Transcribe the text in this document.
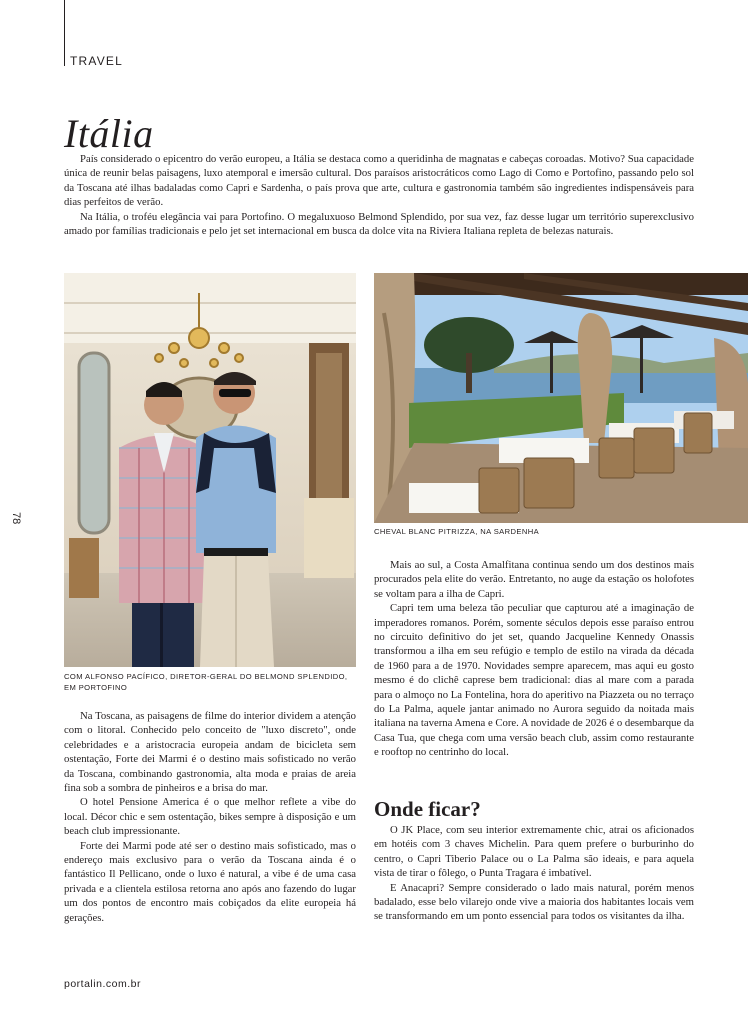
TRAVEL
Itália

País considerado o epicentro do verão europeu, a Itália se destaca como a queridinha de magnatas e cabeças coroadas. Motivo? Sua capacidade única de reunir belas paisagens, luxo atemporal e imersão cultural. Dos paraísos aristocráticos como Lago di Como e Portofino, passando pelo sol da Toscana até ilhas badaladas como Capri e Sardenha, o país prova que arte, cultura e gastronomia também são ingredientes indispensáveis para dias perfeitos de verão.

Na Itália, o troféu elegância vai para Portofino. O megaluxuoso Belmond Splendido, por sua vez, faz desse lugar um território superexclusivo amado por famílias tradicionais e pelo jet set internacional em busca da dolce vita na Riviera Italiana repleta de belezas naturais.

COM ALFONSO PACÍFICO, DIRETOR-GERAL DO BELMOND SPLENDIDO, EM PORTOFINO
CHEVAL BLANC PITRIZZA, NA SARDENHA

Na Toscana, as paisagens de filme do interior dividem a atenção com o litoral. Conhecido pelo conceito de "luxo discreto", onde celebridades e a aristocracia europeia andam de bicicleta sem ostentação, Forte dei Marmi é o destino mais sofisticado no verão da Toscana, combinando gastronomia, alta moda e praias de areia fina sob a sombra de pinheiros e a brisa do mar.

O hotel Pensione America é o que melhor reflete a vibe do local. Décor chic e sem ostentação, bikes sempre à disposição e um beach club impressionante.

Forte dei Marmi pode até ser o destino mais sofisticado, mas o endereço mais exclusivo para o verão da Toscana ainda é o fantástico Il Pellicano, onde o luxo é natural, a vibe é de uma casa privada e a clientela estilosa retorna ano após ano fazendo do lugar um dos pontos de encontro mais cobiçados da elite europeia há gerações.

Mais ao sul, a Costa Amalfitana continua sendo um dos destinos mais procurados pela elite do verão. Entretanto, no auge da estação os holofotes se voltam para a ilha de Capri.

Capri tem uma beleza tão peculiar que capturou até a imaginação de imperadores romanos. Porém, somente séculos depois esse paraíso entrou no circuito definitivo do jet set, quando Jacqueline Kennedy Onassis transformou a ilha em seu refúgio e templo de estilo na virada da década de 1960 para a de 1970. Novidades sempre aparecem, mas aqui eu gosto mesmo é do clichê caprese bem tradicional: dias al mare com a parada para o almoço no La Fontelina, hora do aperitivo na Piazzeta ou no terraço do La Palma, aquele jantar animado no Aurora seguido da noitada mais italiana na taverna Amena e Core. A novidade de 2026 é o desembarque da Casa Tua, que chega com uma versão beach club, assim como restaurante e rooftop no centrinho do local.

Onde ficar?

O JK Place, com seu interior extremamente chic, atrai os aficionados em hotéis com 3 chaves Michelin. Para quem prefere o burburinho do centro, o Capri Tiberio Palace ou o La Palma são ideais, e para aquela vista de tirar o fôlego, o Punta Tragara é imbatível.

E Anacapri? Sempre considerado o lado mais natural, porém menos badalado, esse belo vilarejo onde vive a maioria dos habitantes locais vem se transformando em um ponto essencial para todos os visitantes da ilha.

78
portalin.com.br
